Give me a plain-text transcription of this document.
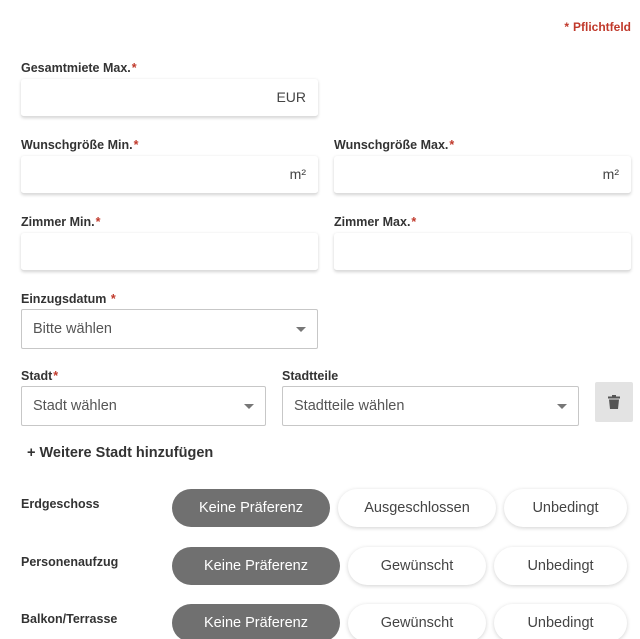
* Pflichtfeld
Gesamtmiete Max.*
EUR
Wunschgröße Min.*
m²
Wunschgröße Max.*
m²
Zimmer Min.*	Zimmer Max.*
Einzugsdatum *
Bitte wählen
Stadt*
Stadt wählen
Stadtteile
Stadtteile wählen
+ Weitere Stadt hinzufügen
Erdgeschoss	Keine Präferenz	Ausgeschlossen	Unbedingt
Personenaufzug	Keine Präferenz	Gewünscht	Unbedingt
Balkon/Terrasse	Keine Präferenz	Gewünscht	Unbedingt
